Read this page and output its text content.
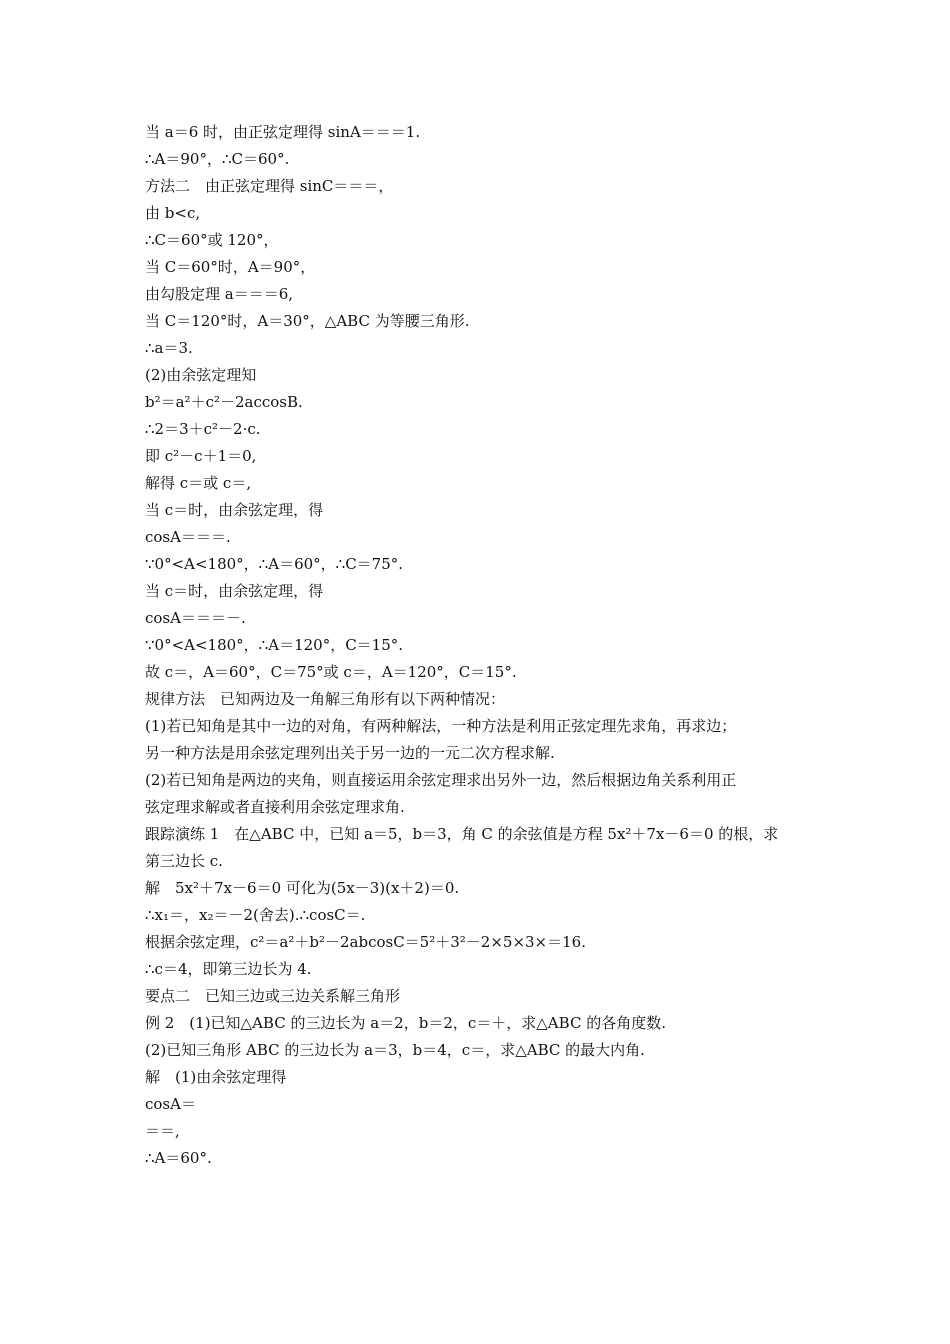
当 a＝6 时，由正弦定理得 sinA＝＝＝1.
∴A＝90°，∴C＝60°.
方法二　由正弦定理得 sinC＝＝＝，
由 b<c,
∴C＝60°或 120°，
当 C＝60°时，A＝90°，
由勾股定理 a＝＝＝6,
当 C＝120°时，A＝30°，△ABC 为等腰三角形.
∴a＝3.
(2)由余弦定理知
b²＝a²＋c²－2accosB.
∴2＝3＋c²－2·c.
即 c²－c＋1＝0,
解得 c＝或 c＝,
当 c＝时，由余弦定理，得
cosA＝＝＝.
∵0°<A<180°，∴A＝60°，∴C＝75°.
当 c＝时，由余弦定理，得
cosA＝＝＝－.
∵0°<A<180°，∴A＝120°，C＝15°.
故 c＝，A＝60°，C＝75°或 c＝，A＝120°，C＝15°.
规律方法　已知两边及一角解三角形有以下两种情况：
(1)若已知角是其中一边的对角，有两种解法，一种方法是利用正弦定理先求角，再求边；
另一种方法是用余弦定理列出关于另一边的一元二次方程求解.
(2)若已知角是两边的夹角，则直接运用余弦定理求出另外一边，然后根据边角关系利用正
弦定理求解或者直接利用余弦定理求角.
跟踪演练 1　在△ABC 中，已知 a＝5，b＝3，角 C 的余弦值是方程 5x²＋7x－6＝0 的根，求
第三边长 c.
解　5x²＋7x－6＝0 可化为(5x－3)(x＋2)＝0.
∴x₁＝，x₂＝－2(舍去).∴cosC＝.
根据余弦定理，c²＝a²＋b²－2abcosC＝5²＋3²－2×5×3×＝16.
∴c＝4，即第三边长为 4.
要点二　已知三边或三边关系解三角形
例 2　(1)已知△ABC 的三边长为 a＝2，b＝2，c＝＋，求△ABC 的各角度数.
(2)已知三角形 ABC 的三边长为 a＝3，b＝4，c＝，求△ABC 的最大内角.
解　(1)由余弦定理得
cosA＝
＝＝,
∴A＝60°.
